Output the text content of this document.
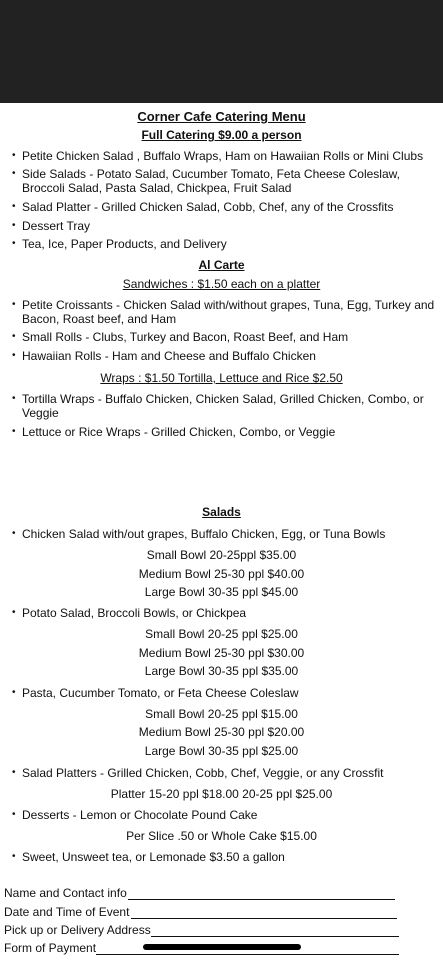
Corner Cafe Catering Menu
Full Catering $9.00 a person
• Petite Chicken Salad , Buffalo Wraps, Ham on Hawaiian Rolls or Mini Clubs
• Side Salads - Potato Salad, Cucumber Tomato, Feta Cheese Coleslaw, Broccoli Salad, Pasta Salad, Chickpea, Fruit Salad
• Salad Platter - Grilled Chicken Salad, Cobb, Chef, any of the Crossfits
• Dessert Tray
• Tea, Ice, Paper Products, and Delivery
Al Carte
Sandwiches : $1.50 each on a platter
• Petite Croissants - Chicken Salad with/without grapes, Tuna, Egg, Turkey and Bacon, Roast beef, and Ham
• Small Rolls - Clubs, Turkey and Bacon, Roast Beef, and Ham
• Hawaiian Rolls - Ham and Cheese and Buffalo Chicken
Wraps : $1.50 Tortilla, Lettuce and Rice $2.50
• Tortilla Wraps - Buffalo Chicken, Chicken Salad, Grilled Chicken, Combo, or Veggie
• Lettuce or Rice Wraps - Grilled Chicken, Combo, or Veggie
Salads
• Chicken Salad with/out grapes, Buffalo Chicken, Egg, or Tuna Bowls
Small Bowl 20-25ppl $35.00
Medium Bowl 25-30 ppl $40.00
Large Bowl 30-35 ppl $45.00
• Potato Salad, Broccoli Bowls, or Chickpea
Small Bowl 20-25 ppl $25.00
Medium Bowl 25-30 ppl $30.00
Large Bowl 30-35 ppl $35.00
• Pasta, Cucumber Tomato, or Feta Cheese Coleslaw
Small Bowl 20-25 ppl $15.00
Medium Bowl 25-30 ppl $20.00
Large Bowl 30-35 ppl $25.00
• Salad Platters - Grilled Chicken, Cobb, Chef, Veggie, or any Crossfit
Platter 15-20 ppl $18.00 20-25 ppl $25.00
• Desserts - Lemon or Chocolate Pound Cake
Per Slice .50 or Whole Cake $15.00
• Sweet, Unsweet tea, or Lemonade $3.50 a gallon
Name and Contact info
Date and Time of Event
Pick up or Delivery Address
Form of Payment
